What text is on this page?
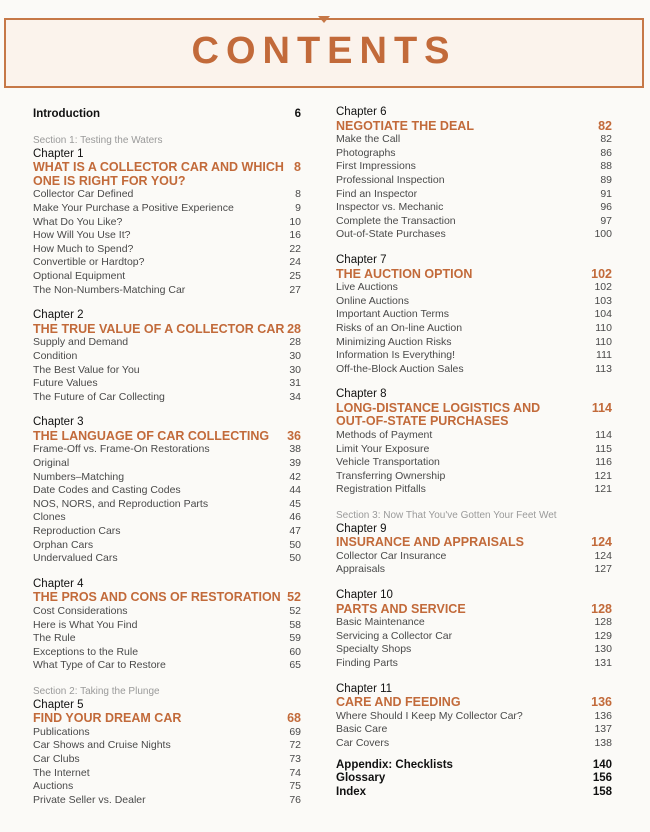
CONTENTS
Introduction	6
Section 1: Testing the Waters
Chapter 1
WHAT IS A COLLECTOR CAR AND WHICH 8
ONE IS RIGHT FOR YOU?
Collector Car Defined	8
Make Your Purchase a Positive Experience	9
What Do You Like?	10
How Will You Use It?	16
How Much to Spend?	22
Convertible or Hardtop?	24
Optional Equipment	25
The Non-Numbers-Matching Car	27
Chapter 2
THE TRUE VALUE OF A COLLECTOR CAR 28
Supply and Demand	28
Condition	30
The Best Value for You	30
Future Values	31
The Future of Car Collecting	34
Chapter 3
THE LANGUAGE OF CAR COLLECTING 36
Frame-Off vs. Frame-On Restorations	38
Original	39
Numbers–Matching	42
Date Codes and Casting Codes	44
NOS, NORS, and Reproduction Parts	45
Clones	46
Reproduction Cars	47
Orphan Cars	50
Undervalued Cars	50
Chapter 4
THE PROS AND CONS OF RESTORATION 52
Cost Considerations	52
Here is What You Find	58
The Rule	59
Exceptions to the Rule	60
What Type of Car to Restore	65
Section 2: Taking the Plunge
Chapter 5
FIND YOUR DREAM CAR	68
Publications	69
Car Shows and Cruise Nights	72
Car Clubs	73
The Internet	74
Auctions	75
Private Seller vs. Dealer	76
Chapter 6
NEGOTIATE THE DEAL	82
Make the Call	82
Photographs	86
First Impressions	88
Professional Inspection	89
Find an Inspector	91
Inspector vs. Mechanic	96
Complete the Transaction	97
Out-of-State Purchases	100
Chapter 7
THE AUCTION OPTION	102
Live Auctions	102
Online Auctions	103
Important Auction Terms	104
Risks of an On-line Auction	110
Minimizing Auction Risks	110
Information Is Everything!	111
Off-the-Block Auction Sales	113
Chapter 8
LONG-DISTANCE LOGISTICS AND	114
OUT-OF-STATE PURCHASES
Methods of Payment	114
Limit Your Exposure	115
Vehicle Transportation	116
Transferring Ownership	121
Registration Pitfalls	121
Section 3: Now That You've Gotten Your Feet Wet
Chapter 9
INSURANCE AND APPRAISALS	124
Collector Car Insurance	124
Appraisals	127
Chapter 10
PARTS AND SERVICE	128
Basic Maintenance	128
Servicing a Collector Car	129
Specialty Shops	130
Finding Parts	131
Chapter 11
CARE AND FEEDING	136
Where Should I Keep My Collector Car?	136
Basic Care	137
Car Covers	138
Appendix: Checklists	140
Glossary	156
Index	158
